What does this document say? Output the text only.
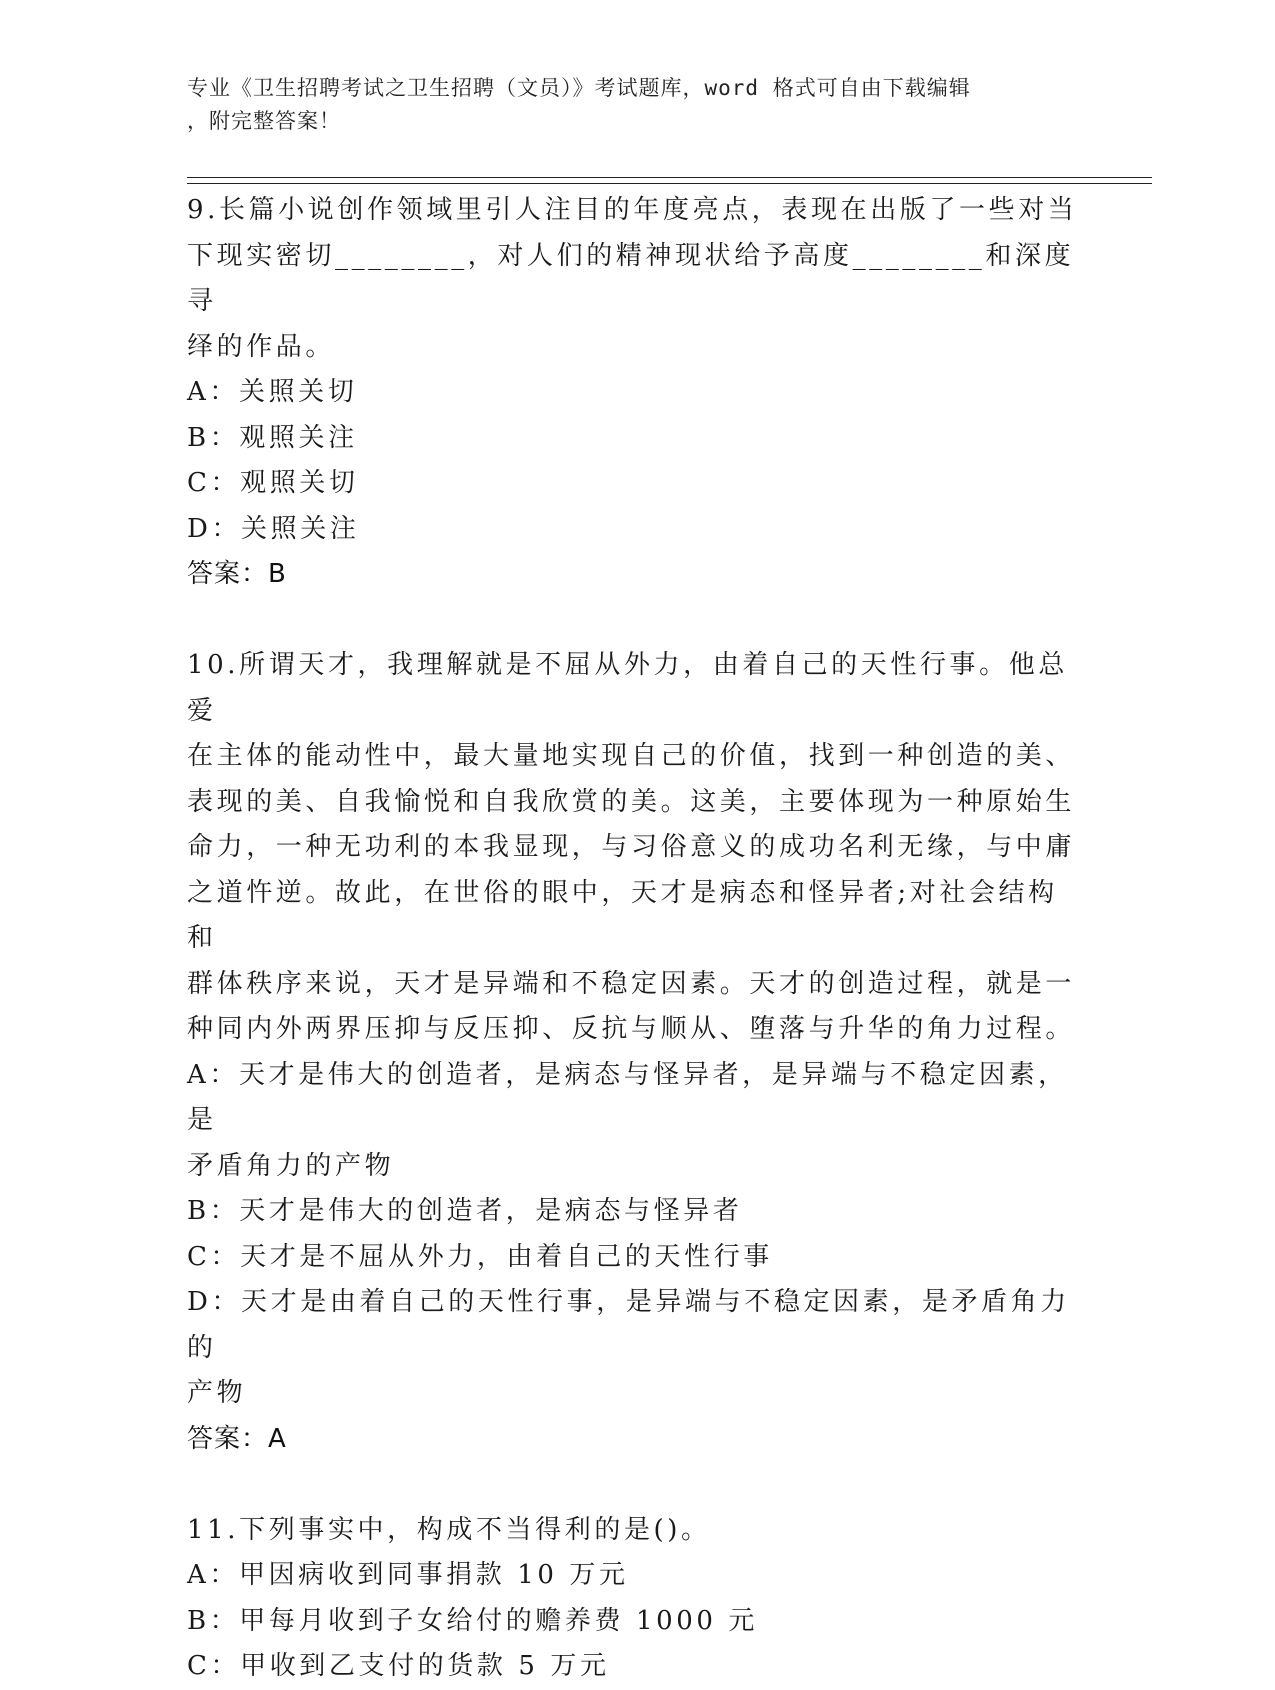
专业《卫生招聘考试之卫生招聘（文员）》考试题库，word 格式可自由下载编辑
，附完整答案！
9.长篇小说创作领域里引人注目的年度亮点，表现在出版了一些对当
下现实密切________，对人们的精神现状给予高度________和深度寻
绎的作品。
A：关照关切
B：观照关注
C：观照关切
D：关照关注
答案：B
10.所谓天才，我理解就是不屈从外力，由着自己的天性行事。他总爱
在主体的能动性中，最大量地实现自己的价值，找到一种创造的美、
表现的美、自我愉悦和自我欣赏的美。这美，主要体现为一种原始生
命力，一种无功利的本我显现，与习俗意义的成功名利无缘，与中庸
之道忤逆。故此，在世俗的眼中，天才是病态和怪异者;对社会结构和
群体秩序来说，天才是异端和不稳定因素。天才的创造过程，就是一
种同内外两界压抑与反压抑、反抗与顺从、堕落与升华的角力过程。
A：天才是伟大的创造者，是病态与怪异者，是异端与不稳定因素，是
矛盾角力的产物
B：天才是伟大的创造者，是病态与怪异者
C：天才是不屈从外力，由着自己的天性行事
D：天才是由着自己的天性行事，是异端与不稳定因素，是矛盾角力的
产物
答案：A
11.下列事实中，构成不当得利的是()。
A：甲因病收到同事捐款 10 万元
B：甲每月收到子女给付的赡养费 1000 元
C：甲收到乙支付的货款 5 万元
